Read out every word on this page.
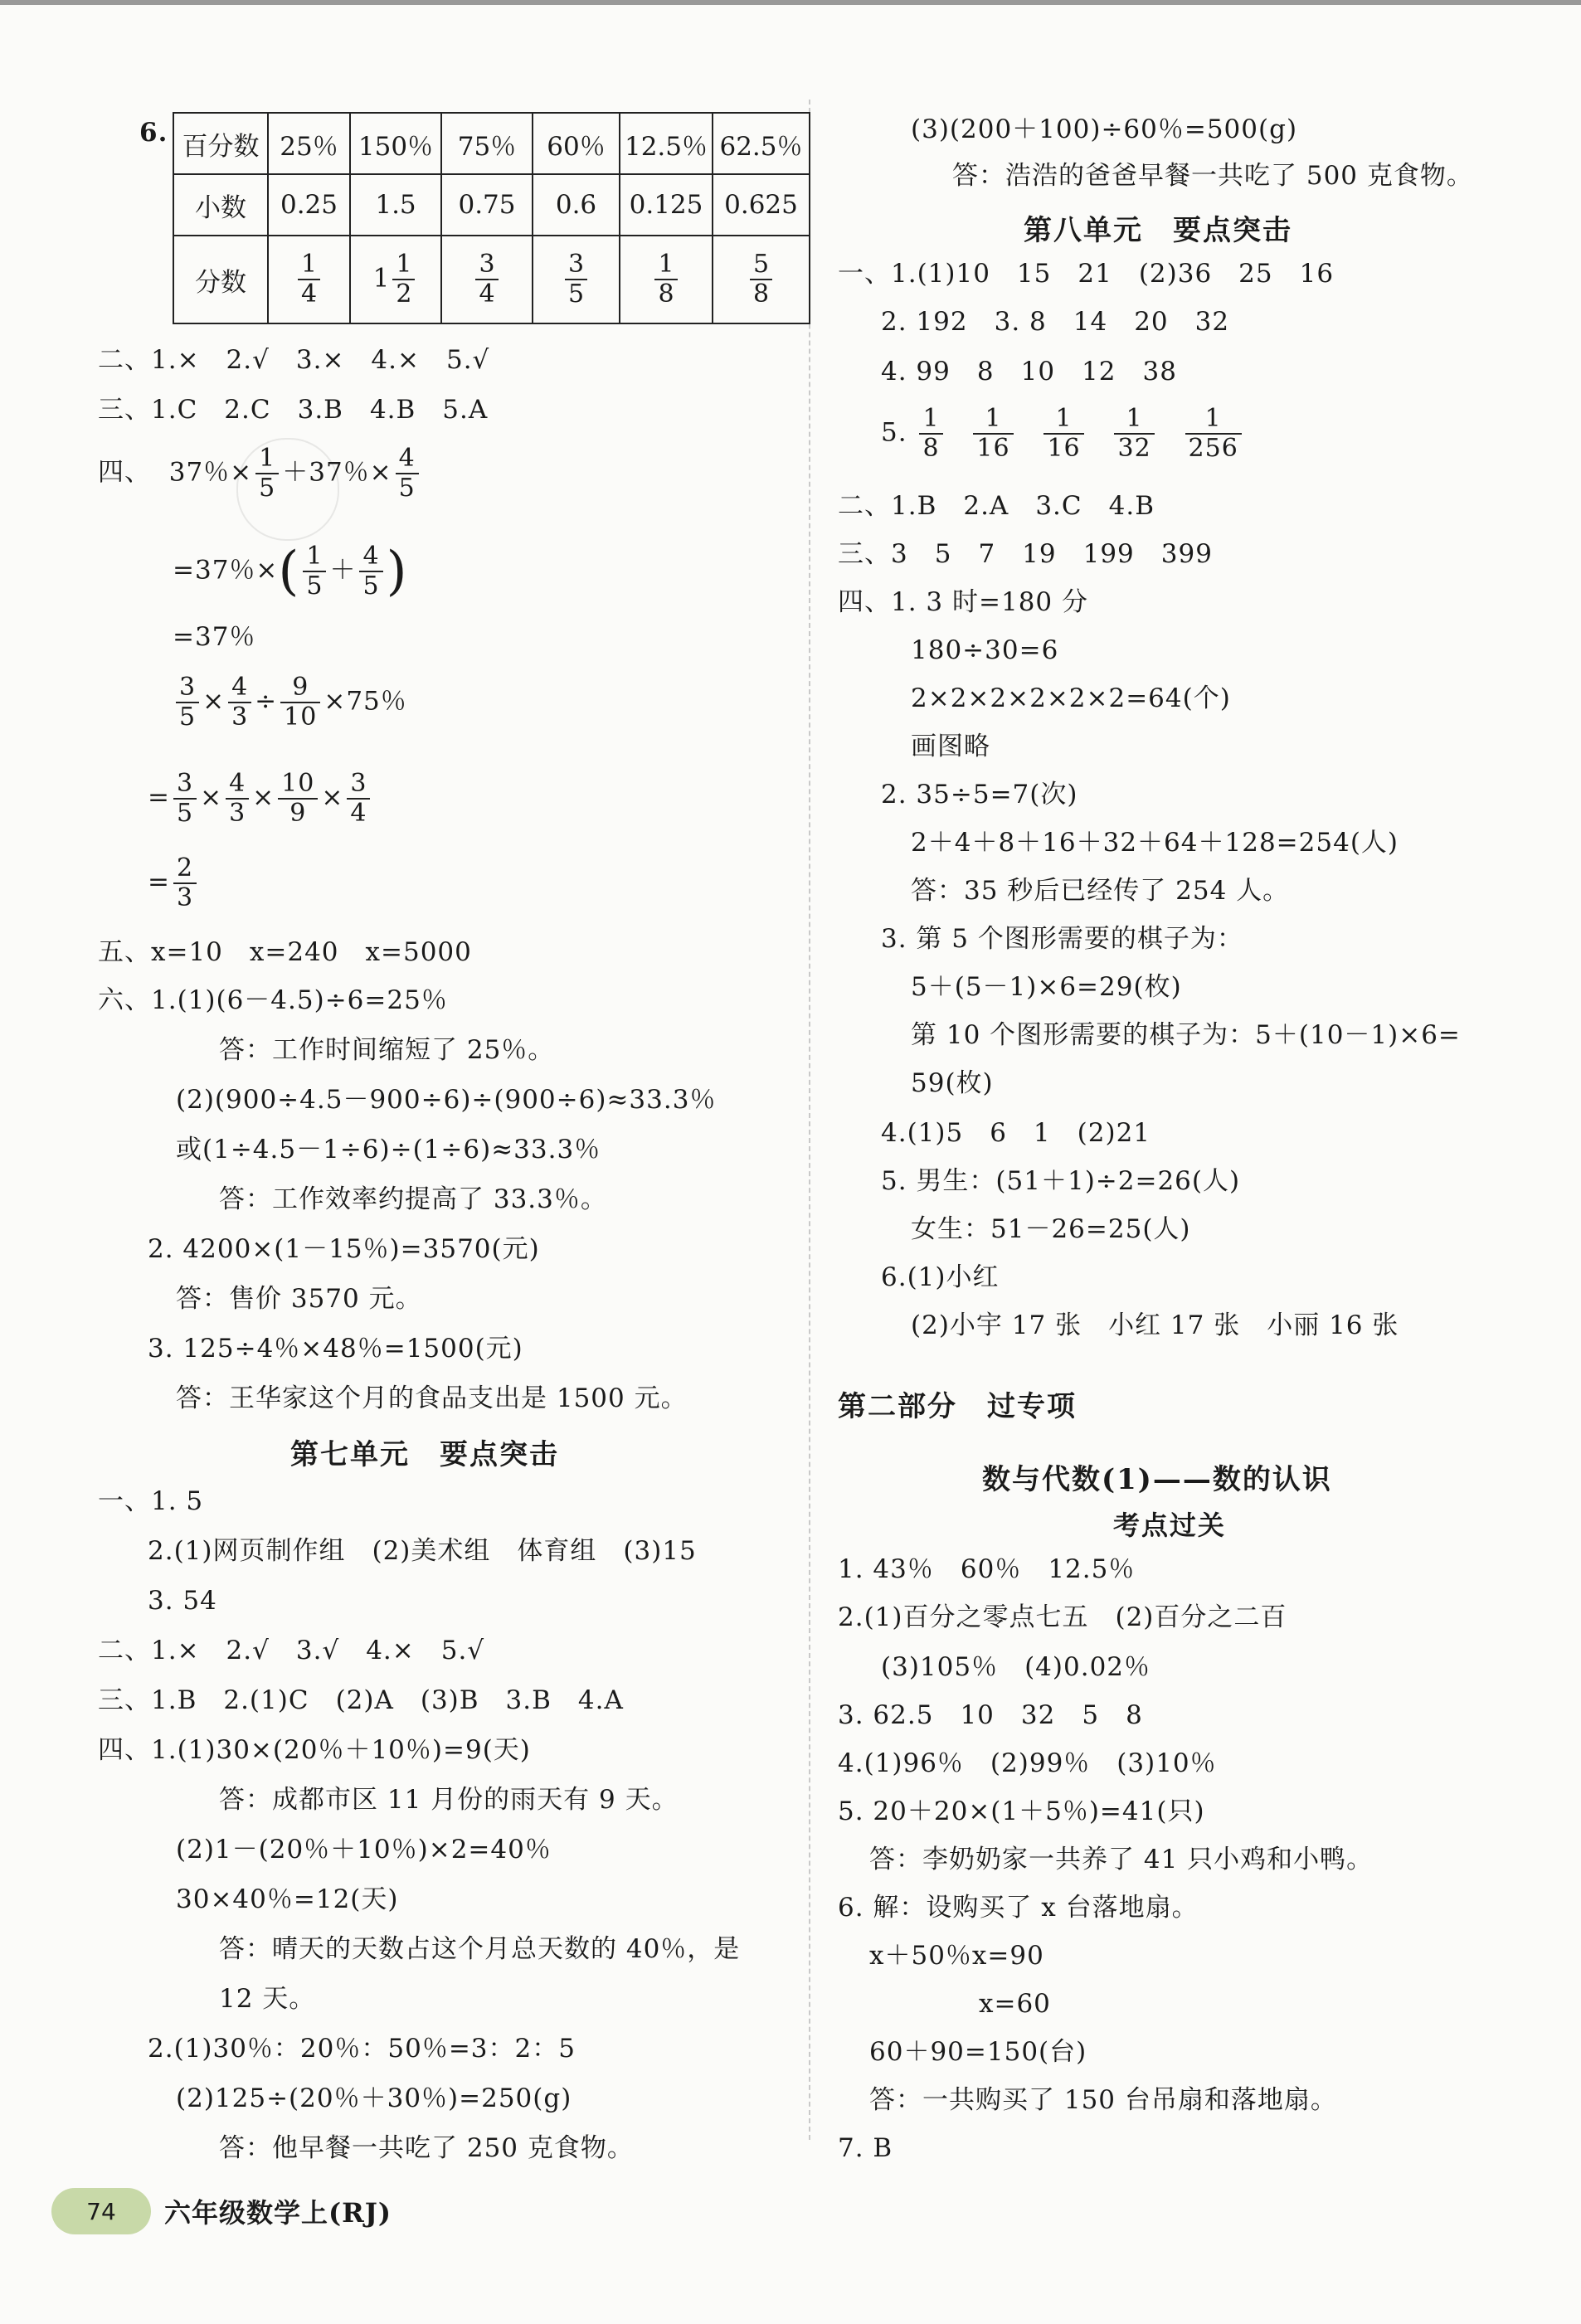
6. 百分数	25％	150％	75％	60％	12.5％	62.5％
小数	0.25	1.5	0.75	0.6	0.125	0.625
分数	$\frac{1}{4}$	$1 \frac{1}{2}$	$\frac{3}{4}$	$\frac{3}{5}$	$\frac{1}{8}$	$\frac{5}{8}$
二、1.×　2.√　3.×　4.×　5.√
三、1.C　2.C　3.B　4.B　5.A
四、 37％× $\frac{1}{5} +37$％× $\frac{4}{5}$
=37％×( $\frac{1}{5} + \frac{4}{5}$ )
=37％
$\frac{3}{5} \times \frac{4}{3} \div \frac{9}{10} \times 75$％
= $\frac{3}{5} \times \frac{4}{3} \times \frac{10}{9} \times \frac{3}{4}$
= $\frac{2}{3}$
五、x=10　x=240　x=5000
六、1.(1)(6－4.5)÷6=25％
答：工作时间缩短了 25％。
(2)(900÷4.5－900÷6)÷(900÷6)≈33.3％
或(1÷4.5－1÷6)÷(1÷6)≈33.3％
答：工作效率约提高了 33.3％。
2. 4200×(1－15％)=3570(元)
答：售价 3570 元。
3. 125÷4％×48％=1500(元)
答：王华家这个月的食品支出是 1500 元。
第七单元　要点突击
一、1. 5
2.(1)网页制作组　(2)美术组　体育组　(3)15
3. 54
二、1.×　2.√　3.√　4.×　5.√
三、1.B　2.(1)C　(2)A　(3)B　3.B　4.A
四、1.(1)30×(20％＋10％)=9(天)
答：成都市区 11 月份的雨天有 9 天。
(2)1－(20％＋10％)×2=40％
30×40％=12(天)
答：晴天的天数占这个月总天数的 40％，是
12 天。
2.(1)30％：20％：50％=3：2：5
(2)125÷(20％＋30％)=250(g)
答：他早餐一共吃了 250 克食物。
(3)(200＋100)÷60％=500(g)
答：浩浩的爸爸早餐一共吃了 500 克食物。
第八单元　要点突击
一、1.(1)10　15　21　(2)36　25　16
2. 192　3. 8　14　20　32
4. 99　8　10　12　38
5. $\frac{1}{8}$
$\frac{1}{16}$
$\frac{1}{16}$
$\frac{1}{32}$
$\frac{1}{256}$
二、1.B　2.A　3.C　4.B
三、3　5　7　19　199　399
四、1. 3 时=180 分
180÷30=6
2×2×2×2×2×2=64(个)
画图略
2. 35÷5=7(次)
2＋4＋8＋16＋32＋64＋128=254(人)
答：35 秒后已经传了 254 人。
3. 第 5 个图形需要的棋子为：
5＋(5－1)×6=29(枚)
第 10 个图形需要的棋子为：5＋(10－1)×6=
59(枚)
4.(1)5　6　1　(2)21
5. 男生：(51＋1)÷2=26(人)
女生：51－26=25(人)
6.(1)小红
(2)小宇 17 张　小红 17 张　小丽 16 张
第二部分　过专项
数与代数(1)——数的认识
考点过关
1. 43％　60％　12.5％
2.(1)百分之零点七五　(2)百分之二百
(3)105％　(4)0.02％
3. 62.5　10　32　5　8
4.(1)96％　(2)99％　(3)10％
5. 20＋20×(1＋5％)=41(只)
答：李奶奶家一共养了 41 只小鸡和小鸭。
6. 解：设购买了 x 台落地扇。
x＋50％x=90
x=60
60＋90=150(台)
答：一共购买了 150 台吊扇和落地扇。
7. B
74	六年级数学上(RJ)
